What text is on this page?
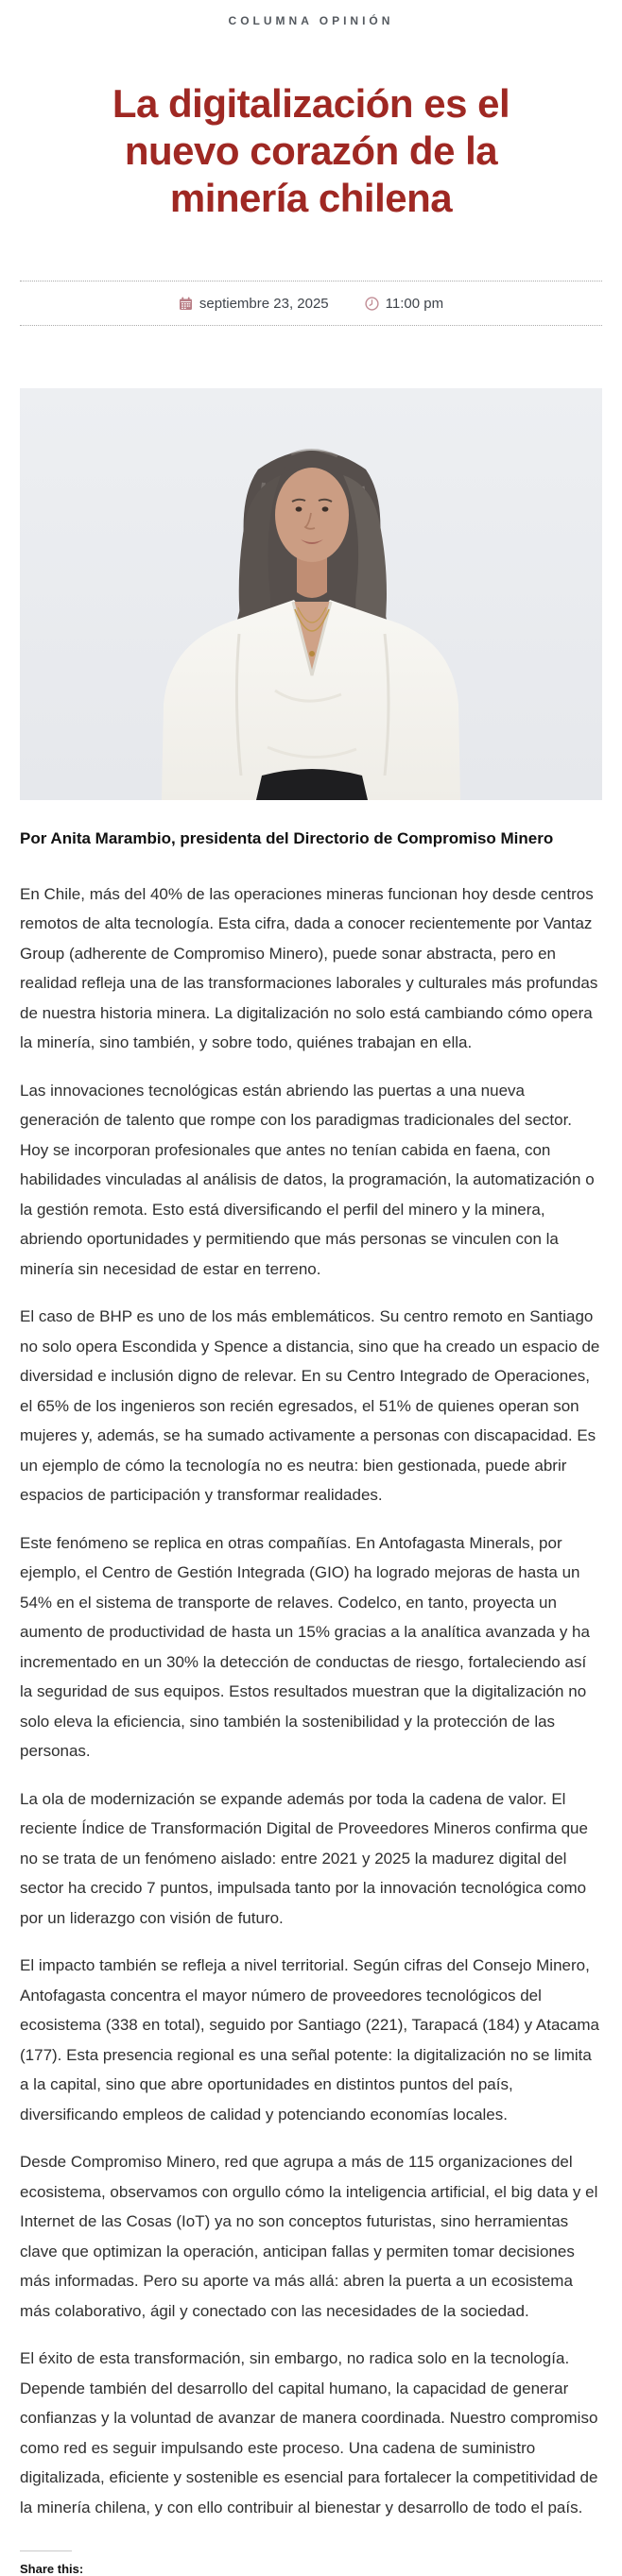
COLUMNA OPINIÓN
La digitalización es el
nuevo corazón de la
minería chilena
septiembre 23, 2025	11:00 pm
Por Anita Marambio, presidenta del Directorio de Compromiso Minero

En Chile, más del 40% de las operaciones mineras funcionan hoy desde centros remotos de alta tecnología. Esta cifra, dada a conocer recientemente por Vantaz Group (adherente de Compromiso Minero), puede sonar abstracta, pero en realidad refleja una de las transformaciones laborales y culturales más profundas de nuestra historia minera. La digitalización no solo está cambiando cómo opera la minería, sino también, y sobre todo, quiénes trabajan en ella.

Las innovaciones tecnológicas están abriendo las puertas a una nueva generación de talento que rompe con los paradigmas tradicionales del sector. Hoy se incorporan profesionales que antes no tenían cabida en faena, con habilidades vinculadas al análisis de datos, la programación, la automatización o la gestión remota. Esto está diversificando el perfil del minero y la minera, abriendo oportunidades y permitiendo que más personas se vinculen con la minería sin necesidad de estar en terreno.

El caso de BHP es uno de los más emblemáticos. Su centro remoto en Santiago no solo opera Escondida y Spence a distancia, sino que ha creado un espacio de diversidad e inclusión digno de relevar. En su Centro Integrado de Operaciones, el 65% de los ingenieros son recién egresados, el 51% de quienes operan son mujeres y, además, se ha sumado activamente a personas con discapacidad. Es un ejemplo de cómo la tecnología no es neutra: bien gestionada, puede abrir espacios de participación y transformar realidades.

Este fenómeno se replica en otras compañías. En Antofagasta Minerals, por ejemplo, el Centro de Gestión Integrada (GIO) ha logrado mejoras de hasta un 54% en el sistema de transporte de relaves. Codelco, en tanto, proyecta un aumento de productividad de hasta un 15% gracias a la analítica avanzada y ha incrementado en un 30% la detección de conductas de riesgo, fortaleciendo así la seguridad de sus equipos. Estos resultados muestran que la digitalización no solo eleva la eficiencia, sino también la sostenibilidad y la protección de las personas.

La ola de modernización se expande además por toda la cadena de valor. El reciente Índice de Transformación Digital de Proveedores Mineros confirma que no se trata de un fenómeno aislado: entre 2021 y 2025 la madurez digital del sector ha crecido 7 puntos, impulsada tanto por la innovación tecnológica como por un liderazgo con visión de futuro.

El impacto también se refleja a nivel territorial. Según cifras del Consejo Minero, Antofagasta concentra el mayor número de proveedores tecnológicos del ecosistema (338 en total), seguido por Santiago (221), Tarapacá (184) y Atacama (177). Esta presencia regional es una señal potente: la digitalización no se limita a la capital, sino que abre oportunidades en distintos puntos del país, diversificando empleos de calidad y potenciando economías locales.

Desde Compromiso Minero, red que agrupa a más de 115 organizaciones del ecosistema, observamos con orgullo cómo la inteligencia artificial, el big data y el Internet de las Cosas (IoT) ya no son conceptos futuristas, sino herramientas clave que optimizan la operación, anticipan fallas y permiten tomar decisiones más informadas. Pero su aporte va más allá: abren la puerta a un ecosistema más colaborativo, ágil y conectado con las necesidades de la sociedad.

El éxito de esta transformación, sin embargo, no radica solo en la tecnología. Depende también del desarrollo del capital humano, la capacidad de generar confianzas y la voluntad de avanzar de manera coordinada. Nuestro compromiso como red es seguir impulsando este proceso. Una cadena de suministro digitalizada, eficiente y sostenible es esencial para fortalecer la competitividad de la minería chilena, y con ello contribuir al bienestar y desarrollo de todo el país.

Share this:
